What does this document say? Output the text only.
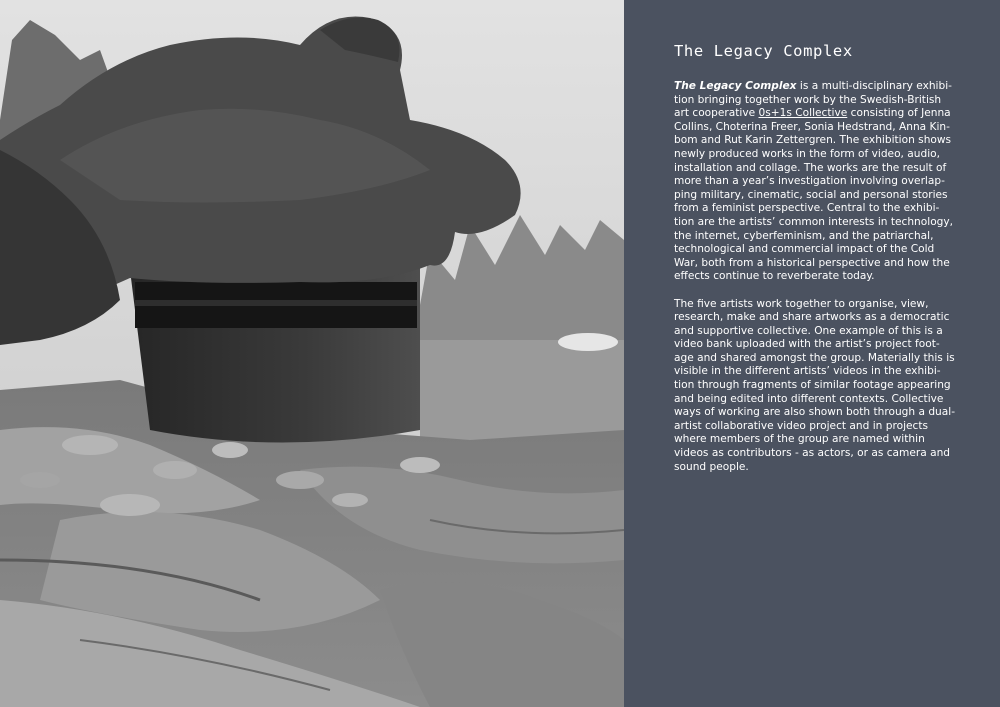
The Legacy Complex

The Legacy Complex is a multi-disciplinary exhibi-
tion bringing together work by the Swedish-British
art cooperative 0s+1s Collective consisting of Jenna
Collins, Choterina Freer, Sonia Hedstrand, Anna Kin-
bom and Rut Karin Zettergren. The exhibition shows
newly produced works in the form of video, audio,
installation and collage. The works are the result of
more than a year’s investigation involving overlap-
ping military, cinematic, social and personal stories
from a feminist perspective. Central to the exhibi-
tion are the artists’ common interests in technology,
the internet, cyberfeminism, and the patriarchal,
technological and commercial impact of the Cold
War, both from a historical perspective and how the
effects continue to reverberate today.

The five artists work together to organise, view,
research, make and share artworks as a democratic
and supportive collective. One example of this is a
video bank uploaded with the artist’s project foot-
age and shared amongst the group. Materially this is
visible in the different artists’ videos in the exhibi-
tion through fragments of similar footage appearing
and being edited into different contexts. Collective
ways of working are also shown both through a dual-
artist collaborative video project and in projects
where members of the group are named within
videos as contributors - as actors, or as camera and
sound people.
